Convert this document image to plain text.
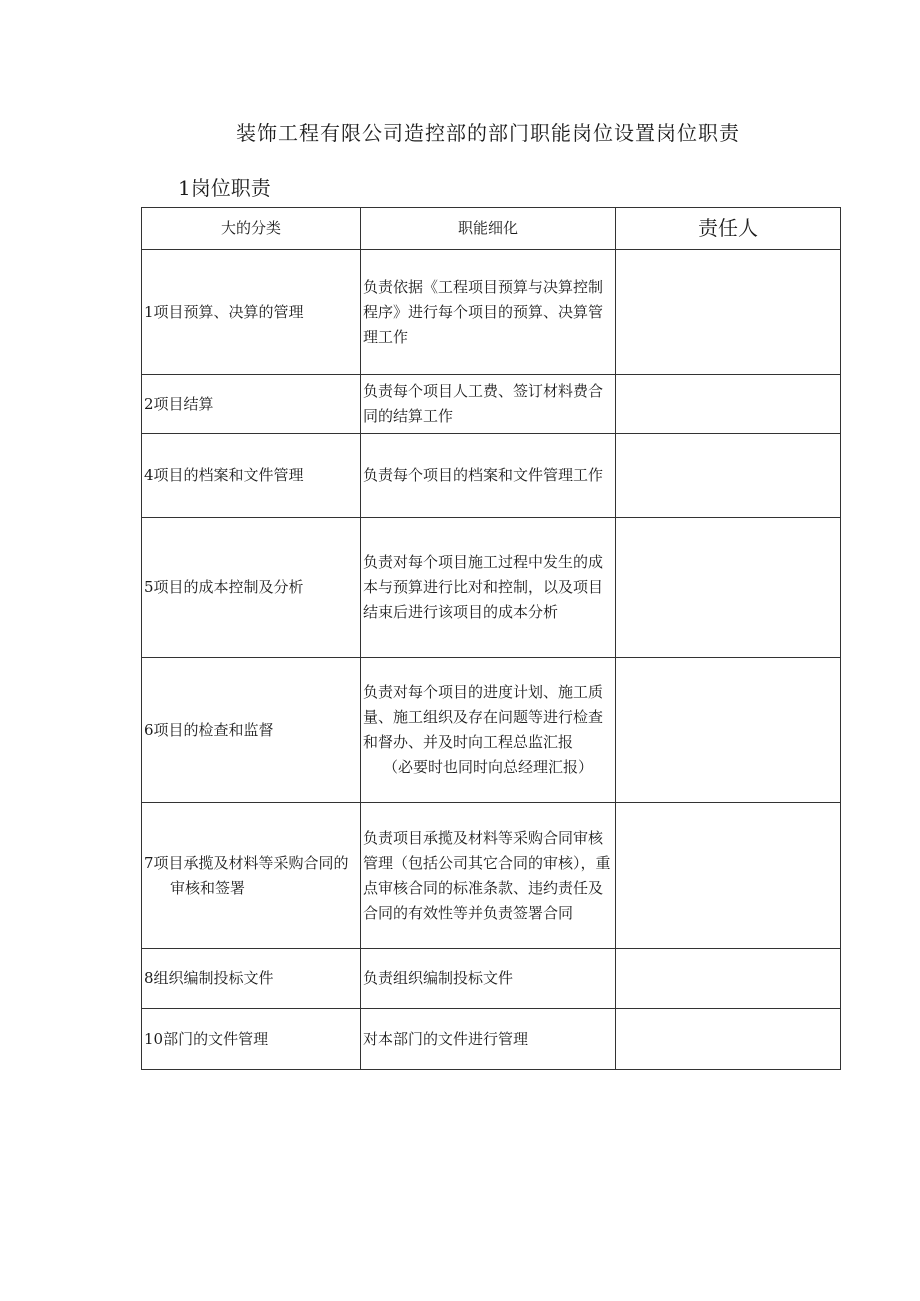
装饰工程有限公司造控部的部门职能岗位设置岗位职责
1岗位职责
大的分类	职能细化	责任人
1项目预算、决算的管理	负责依据《工程项目预算与决算控制程序》进行每个项目的预算、决算管理工作	
2项目结算	负责每个项目人工费、签订材料费合同的结算工作	
4项目的档案和文件管理	负责每个项目的档案和文件管理工作	
5项目的成本控制及分析	负责对每个项目施工过程中发生的成本与预算进行比对和控制，以及项目结束后进行该项目的成本分析	
6项目的检查和监督	负责对每个项目的进度计划、施工质量、施工组织及存在问题等进行检查和督办、并及时向工程总监汇报
（必要时也同时向总经理汇报）	

7项目承揽及材料等采购合同的审核和签署	负责项目承揽及材料等采购合同审核管理（包括公司其它合同的审核），重点审核合同的标准条款、违约责任及合同的有效性等并负责签署合同	
8组织编制投标文件	负责组织编制投标文件	
10部门的文件管理	对本部门的文件进行管理	
